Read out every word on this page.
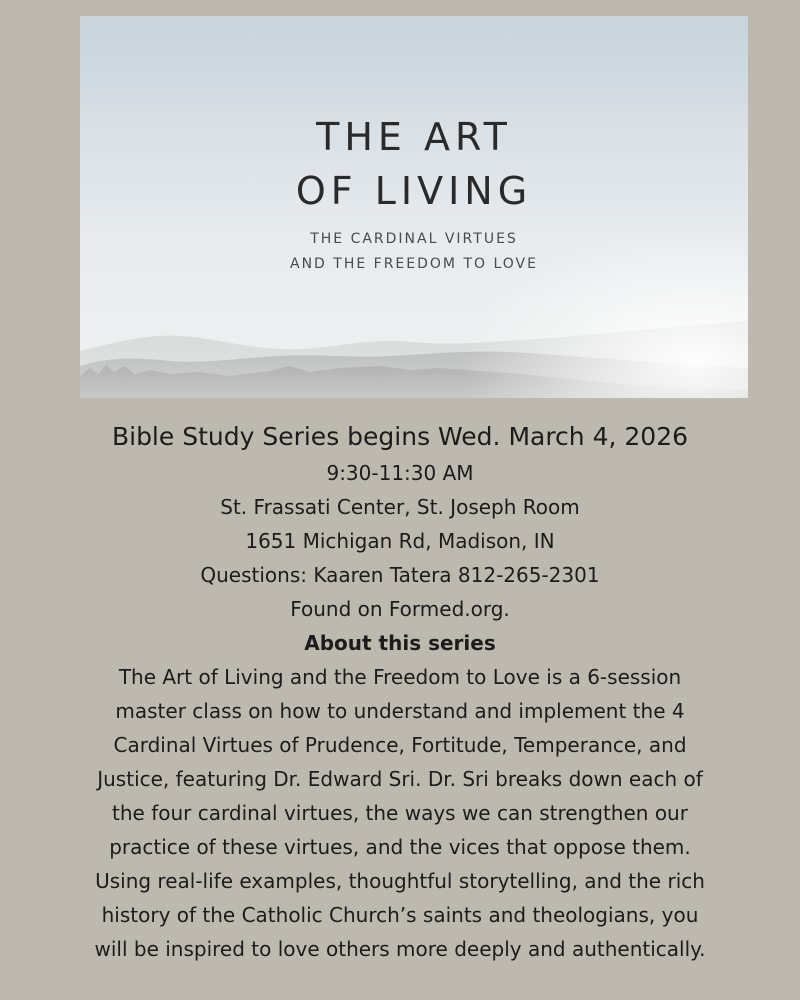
THE ART

OF LIVING

THE CARDINAL VIRTUES

AND THE FREEDOM TO LOVE

Bible Study Series begins Wed. March 4, 2026

9:30-11:30 AM

St. Frassati Center, St. Joseph Room

1651 Michigan Rd, Madison, IN

Questions: Kaaren Tatera 812-265-2301

Found on Formed.org.

About this series

The Art of Living and the Freedom to Love is a 6-session

master class on how to understand and implement the 4

Cardinal Virtues of Prudence, Fortitude, Temperance, and

Justice, featuring Dr. Edward Sri. Dr. Sri breaks down each of

the four cardinal virtues, the ways we can strengthen our

practice of these virtues, and the vices that oppose them.

Using real-life examples, thoughtful storytelling, and the rich

history of the Catholic Church’s saints and theologians, you

will be inspired to love others more deeply and authentically.
